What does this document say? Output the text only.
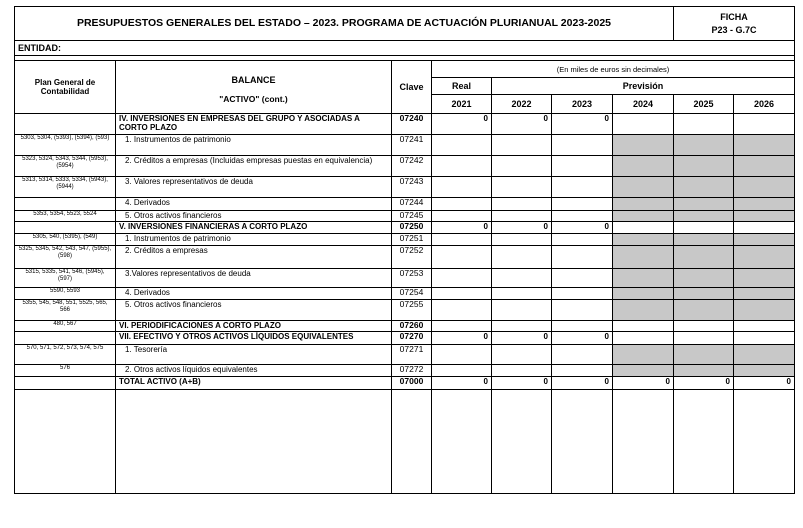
PRESUPUESTOS GENERALES DEL ESTADO – 2023. PROGRAMA DE ACTUACIÓN PLURIANUAL 2023-2025							FICHA
P23 - G.7C	

ENTIDAD:								

Plan General de Contabilidad	BALANCE
"ACTIVO" (cont.)	Clave	(En miles de euros sin decimales)					
			Real	Previsión				
			2021	2022	2023	2024	2025	2026
	IV. INVERSIONES EN EMPRESAS DEL GRUPO Y ASOCIADAS A CORTO PLAZO	07240	0	0	0			
5303, 5304, (5393), (5394), (593)	1. Instrumentos de patrimonio	07241						
5323, 5324, 5343, 5344, (5953), (5954)	2. Créditos a empresas (Incluidas empresas puestas en equivalencia)	07242						
5313, 5314, 5333, 5334, (5943), (5944)	3. Valores representativos de deuda	07243						
	4. Derivados	07244						
5353, 5354, 5523, 5524	5. Otros activos financieros	07245						
	V. INVERSIONES FINANCIERAS A CORTO PLAZO	07250	0	0	0			
5305, 540, (5395), (549)	1. Instrumentos de patrimonio	07251						
5325, 5345, 542, 543, 547, (5955), (598)	2. Créditos a empresas	07252						
5315, 5335, 541, 546, (5945), (597)	3.Valores representativos de deuda	07253						
5590, 5593	4. Derivados	07254						
5355, 545, 548, 551, 5525, 565, 566	5. Otros activos financieros	07255						
480, 567	VI. PERIODIFICACIONES A CORTO PLAZO	07260						
	VII. EFECTIVO Y OTROS ACTIVOS LÍQUIDOS EQUIVALENTES	07270	0	0	0			
570, 571, 572, 573, 574, 575	1. Tesorería	07271						
576	2. Otros activos líquidos equivalentes	07272						
	TOTAL ACTIVO (A+B)	07000	0	0	0	0	0	0
